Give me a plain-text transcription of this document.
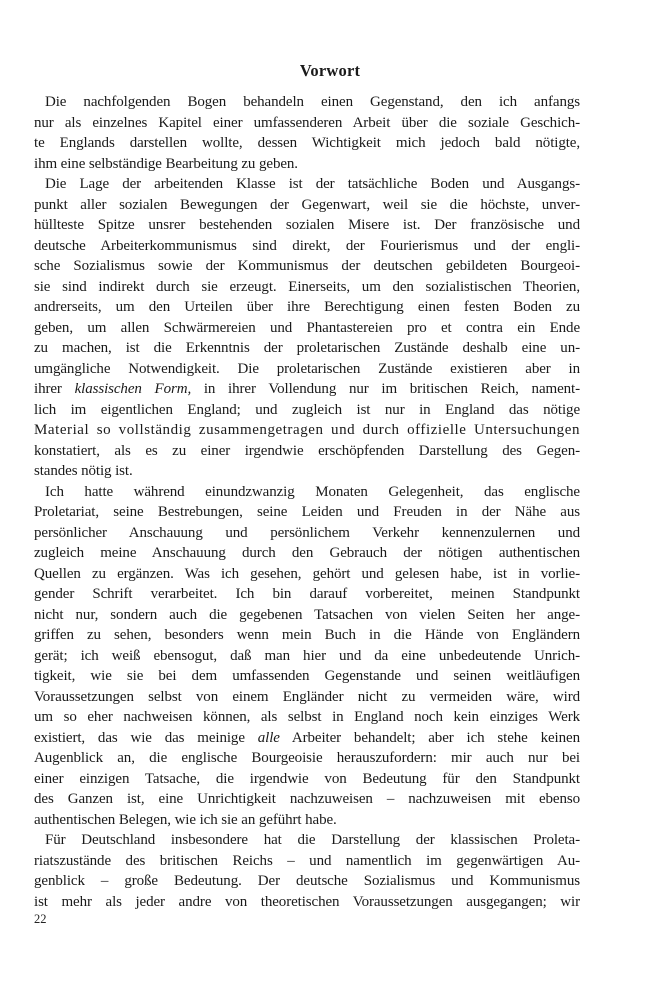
Vorwort
Die nachfolgenden Bogen behandeln einen Gegenstand, den ich anfangs
nur als einzelnes Kapitel einer umfassenderen Arbeit über die soziale Geschich-
te Englands darstellen wollte, dessen Wichtigkeit mich jedoch bald nötigte,
ihm eine selbständige Bearbeitung zu geben.
Die Lage der arbeitenden Klasse ist der tatsächliche Boden und Ausgangs-
punkt aller sozialen Bewegungen der Gegenwart, weil sie die höchste, unver-
hüllteste Spitze unsrer bestehenden sozialen Misere ist. Der französische und
deutsche Arbeiterkommunismus sind direkt, der Fourierismus und der engli-
sche Sozialismus sowie der Kommunismus der deutschen gebildeten Bourgeoi-
sie sind indirekt durch sie erzeugt. Einerseits, um den sozialistischen Theorien,
andrerseits, um den Urteilen über ihre Berechtigung einen festen Boden zu
geben, um allen Schwärmereien und Phantastereien pro et contra ein Ende
zu machen, ist die Erkenntnis der proletarischen Zustände deshalb eine un-
umgängliche Notwendigkeit. Die proletarischen Zustände existieren aber in
ihrer klassischen Form, in ihrer Vollendung nur im britischen Reich, nament-
lich im eigentlichen England; und zugleich ist nur in England das nötige
Material so vollständig zusammengetragen und durch offizielle Untersuchungen
konstatiert, als es zu einer irgendwie erschöpfenden Darstellung des Gegen-
standes nötig ist.
Ich hatte während einundzwanzig Monaten Gelegenheit, das englische
Proletariat, seine Bestrebungen, seine Leiden und Freuden in der Nähe aus
persönlicher Anschauung und persönlichem Verkehr kennenzulernen und
zugleich meine Anschauung durch den Gebrauch der nötigen authentischen
Quellen zu ergänzen. Was ich gesehen, gehört und gelesen habe, ist in vorlie-
gender Schrift verarbeitet. Ich bin darauf vorbereitet, meinen Standpunkt
nicht nur, sondern auch die gegebenen Tatsachen von vielen Seiten her ange-
griffen zu sehen, besonders wenn mein Buch in die Hände von Engländern
gerät; ich weiß ebensogut, daß man hier und da eine unbedeutende Unrich-
tigkeit, wie sie bei dem umfassenden Gegenstande und seinen weitläufigen
Voraussetzungen selbst von einem Engländer nicht zu vermeiden wäre, wird
um so eher nachweisen können, als selbst in England noch kein einziges Werk
existiert, das wie das meinige alle Arbeiter behandelt; aber ich stehe keinen
Augenblick an, die englische Bourgeoisie herauszufordern: mir auch nur bei
einer einzigen Tatsache, die irgendwie von Bedeutung für den Standpunkt
des Ganzen ist, eine Unrichtigkeit nachzuweisen – nachzuweisen mit ebenso
authentischen Belegen, wie ich sie an geführt habe.
Für Deutschland insbesondere hat die Darstellung der klassischen Proleta-
riatszustände des britischen Reichs – und namentlich im gegenwärtigen Au-
genblick – große Bedeutung. Der deutsche Sozialismus und Kommunismus
ist mehr als jeder andre von theoretischen Voraussetzungen ausgegangen; wir
22
